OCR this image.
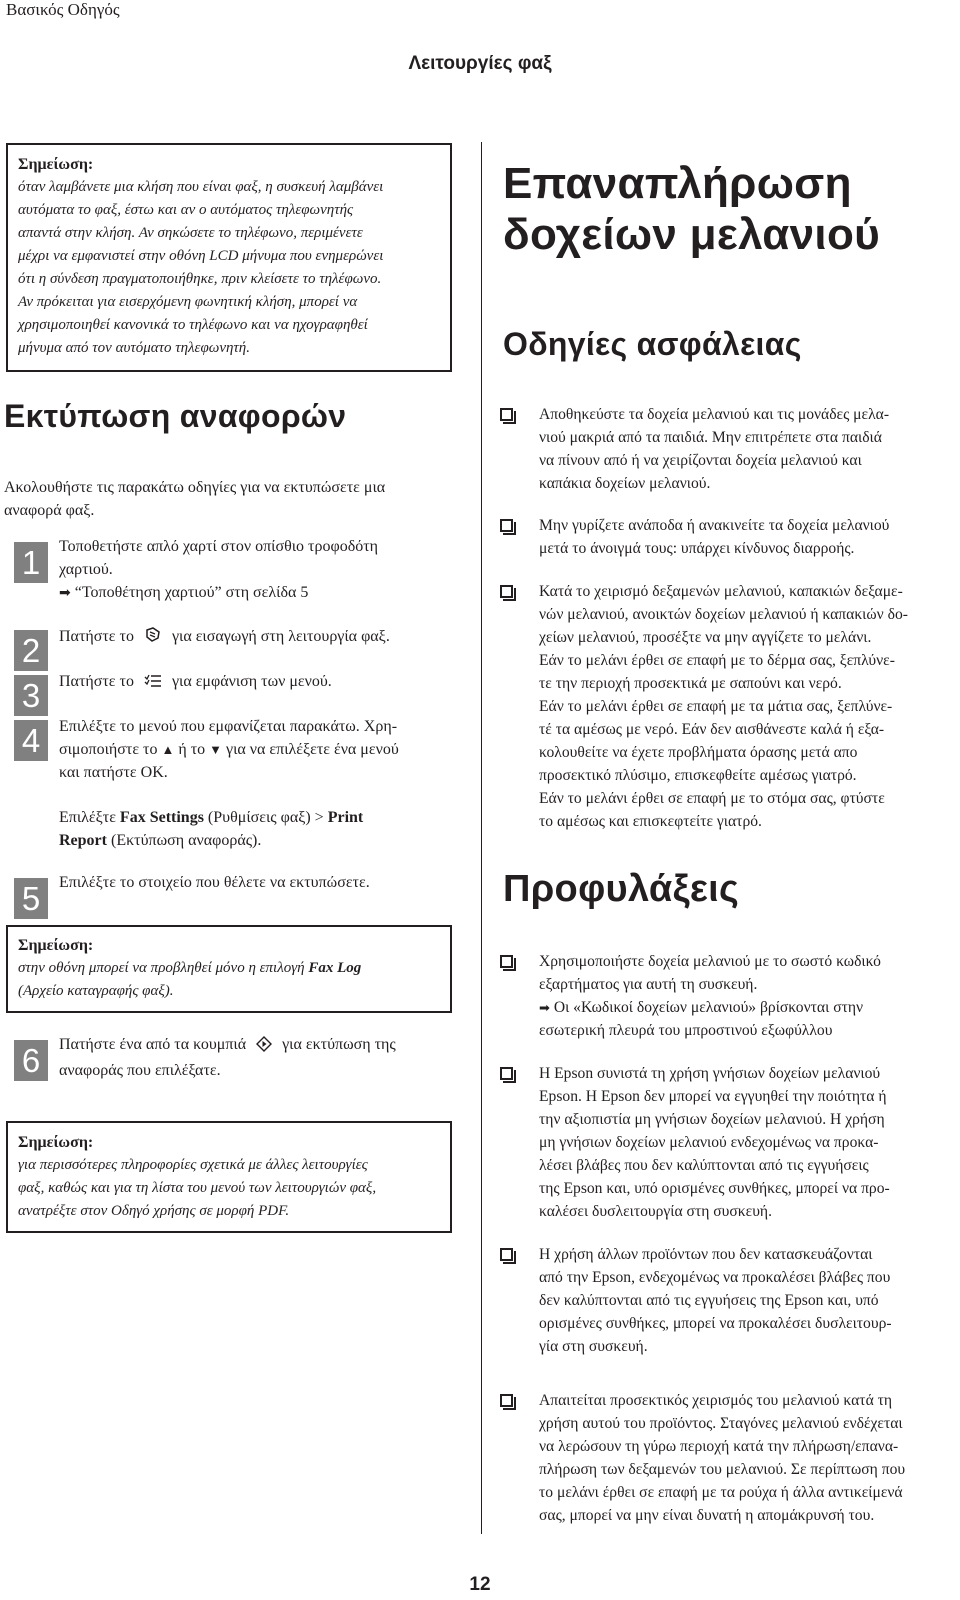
Βασικός Οδηγός
Λειτουργίες φαξ
Σημείωση:
όταν λαμβάνετε μια κλήση που είναι φαξ, η συσκευή λαμβάνει
αυτόματα το φαξ, έστω και αν ο αυτόματος τηλεφωνητής
απαντά στην κλήση. Αν σηκώσετε το τηλέφωνο, περιμένετε
μέχρι να εμφανιστεί στην οθόνη LCD μήνυμα που ενημερώνει
ότι η σύνδεση πραγματοποιήθηκε, πριν κλείσετε το τηλέφωνο.
Αν πρόκειται για εισερχόμενη φωνητική κλήση, μπορεί να
χρησιμοποιηθεί κανονικά το τηλέφωνο και να ηχογραφηθεί
μήνυμα από τον αυτόματο τηλεφωνητή.
Εκτύπωση αναφορών
Ακολουθήστε τις παρακάτω οδηγίες για να εκτυπώσετε μια
αναφορά φαξ.
1	Τοποθετήστε απλό χαρτί στον οπίσθιο τροφοδότη
χαρτιού.
➡ “Τοποθέτηση χαρτιού” στη σελίδα 5
2	Πατήστε το για εισαγωγή στη λειτουργία φαξ.
3	Πατήστε το για εμφάνιση των μενού.
4	Επιλέξτε το μενού που εμφανίζεται παρακάτω. Χρη-
σιμοποιήστε το ▲ ή το ▼ για να επιλέξετε ένα μενού
και πατήστε OK.
Επιλέξτε Fax Settings (Ρυθμίσεις φαξ) > Print
Report (Εκτύπωση αναφοράς).
5	Επιλέξτε το στοιχείο που θέλετε να εκτυπώσετε.
Σημείωση:
στην οθόνη μπορεί να προβληθεί μόνο η επιλογή Fax Log
(Αρχείο καταγραφής φαξ).
6	Πατήστε ένα από τα κουμπιά για εκτύπωση της
αναφοράς που επιλέξατε.
Σημείωση:
για περισσότερες πληροφορίες σχετικά με άλλες λειτουργίες
φαξ, καθώς και για τη λίστα του μενού των λειτουργιών φαξ,
ανατρέξτε στον Οδηγό χρήσης σε μορφή PDF.
Επαναπλήρωση
δοχείων μελανιού
Οδηγίες ασφάλειας
Αποθηκεύστε τα δοχεία μελανιού και τις μονάδες μελα-
νιού μακριά από τα παιδιά. Μην επιτρέπετε στα παιδιά
να πίνουν από ή να χειρίζονται δοχεία μελανιού και
καπάκια δοχείων μελανιού.
Μην γυρίζετε ανάποδα ή ανακινείτε τα δοχεία μελανιού
μετά το άνοιγμά τους: υπάρχει κίνδυνος διαρροής.
Κατά το χειρισμό δεξαμενών μελανιού, καπακιών δεξαμε-
νών μελανιού, ανοικτών δοχείων μελανιού ή καπακιών δο-
χείων μελανιού, προσέξτε να μην αγγίζετε το μελάνι.
Εάν το μελάνι έρθει σε επαφή με το δέρμα σας, ξεπλύνε-
τε την περιοχή προσεκτικά με σαπούνι και νερό.
Εάν το μελάνι έρθει σε επαφή με τα μάτια σας, ξεπλύνε-
τέ τα αμέσως με νερό. Εάν δεν αισθάνεστε καλά ή εξα-
κολουθείτε να έχετε προβλήματα όρασης μετά απο
προσεκτικό πλύσιμο, επισκεφθείτε αμέσως γιατρό.
Εάν το μελάνι έρθει σε επαφή με το στόμα σας, φτύστε
το αμέσως και επισκεφτείτε γιατρό.
Προφυλάξεις
Χρησιμοποιήστε δοχεία μελανιού με το σωστό κωδικό
εξαρτήματος για αυτή τη συσκευή.
➡ Οι «Κωδικοί δοχείων μελανιού» βρίσκονται στην
εσωτερική πλευρά του μπροστινού εξωφύλλου
Η Epson συνιστά τη χρήση γνήσιων δοχείων μελανιού
Epson. Η Epson δεν μπορεί να εγγυηθεί την ποιότητα ή
την αξιοπιστία μη γνήσιων δοχείων μελανιού. Η χρήση
μη γνήσιων δοχείων μελανιού ενδεχομένως να προκα-
λέσει βλάβες που δεν καλύπτονται από τις εγγυήσεις
της Epson και, υπό ορισμένες συνθήκες, μπορεί να προ-
καλέσει δυσλειτουργία στη συσκευή.
Η χρήση άλλων προϊόντων που δεν κατασκευάζονται
από την Epson, ενδεχομένως να προκαλέσει βλάβες που
δεν καλύπτονται από τις εγγυήσεις της Epson και, υπό
ορισμένες συνθήκες, μπορεί να προκαλέσει δυσλειτουρ-
γία στη συσκευή.
Απαιτείται προσεκτικός χειρισμός του μελανιού κατά τη
χρήση αυτού του προϊόντος. Σταγόνες μελανιού ενδέχεται
να λερώσουν τη γύρω περιοχή κατά την πλήρωση/επανα-
πλήρωση των δεξαμενών του μελανιού. Σε περίπτωση που
το μελάνι έρθει σε επαφή με τα ρούχα ή άλλα αντικείμενά
σας, μπορεί να μην είναι δυνατή η απομάκρυνσή του.
12
